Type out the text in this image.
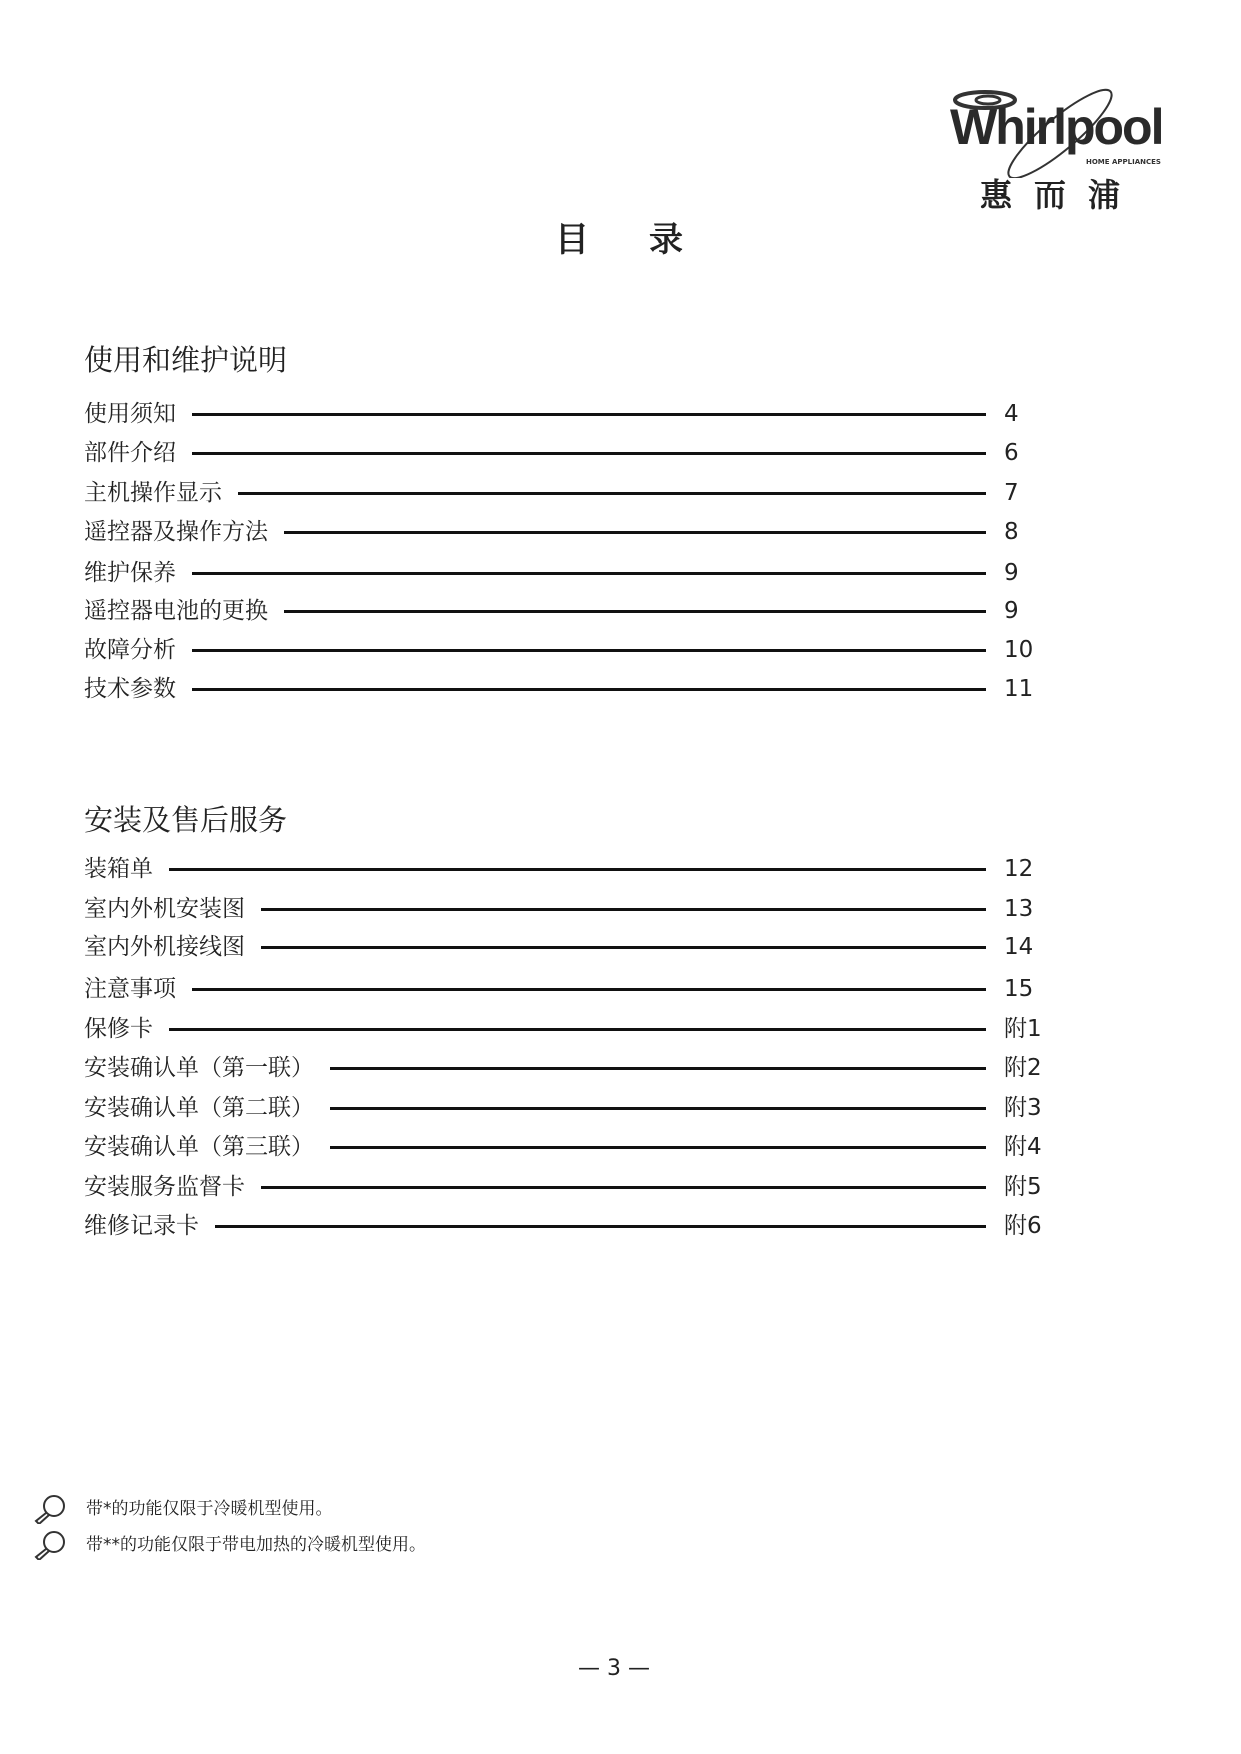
Whirlpool
HOME APPLIANCES
惠而浦
目录
使用和维护说明
使用须知	4
部件介绍	6
主机操作显示	7
遥控器及操作方法	8
维护保养	9
遥控器电池的更换	9
故障分析	10
技术参数	11
安装及售后服务
装箱单	12
室内外机安装图	13
室内外机接线图	14
注意事项	15
保修卡	附1
安装确认单（第一联）	附2
安装确认单（第二联）	附3
安装确认单（第三联）	附4
安装服务监督卡	附5
维修记录卡	附6
带*的功能仅限于冷暖机型使用。
带**的功能仅限于带电加热的冷暖机型使用。
— 3 —
